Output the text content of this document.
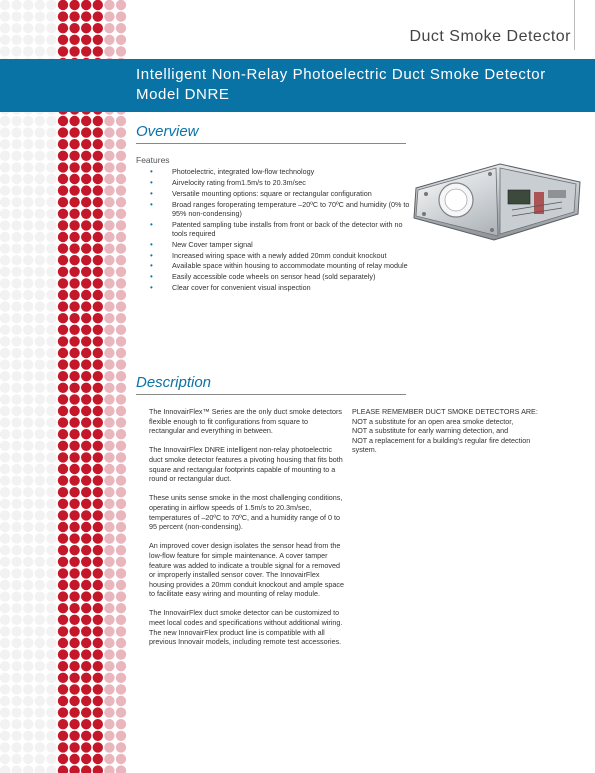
Duct Smoke Detector
Intelligent Non-Relay Photoelectric Duct Smoke Detector
Model DNRE
Overview
Features
• Photoelectric, integrated low-flow technology
• Airvelocity rating from1.5m/s to 20.3m/sec
• Versatile mounting options: square or rectangular configuration
• Broad ranges foroperating temperature –20ºC to 70ºC and humidity (0% to 95% non-condensing)
• Patented sampling tube installs from front or back of the detector with no tools required
• New Cover tamper signal
• Increased wiring space with a newly added 20mm conduit knockout
• Available space within housing to accommodate mounting of relay module
• Easily accessible code wheels on sensor head (sold separately)
• Clear cover for convenient visual inspection
Description

The InnovairFlex™ Series are the only duct smoke detectors flexible enough to fit configurations from square to rectangular and everything in between.

The InnovairFlex DNRE intelligent non-relay photoelectric duct smoke detector features a pivoting housing that fits both square and rectangular footprints capable of mounting to a round or rectangular duct.

These units sense smoke in the most challenging conditions, operating in airflow speeds of 1.5m/s to 20.3m/sec, temperatures of –20ºC to 70ºC, and a humidity range of 0 to 95 percent (non-condensing).

An improved cover design isolates the sensor head from the low-flow feature for simple maintenance. A cover tamper feature was added to indicate a trouble signal for a removed or improperly installed sensor cover. The InnovairFlex housing provides a 20mm conduit knockout and ample space to facilitate easy wiring and mounting of relay module.

The InnovairFlex duct smoke detector can be customized to meet local codes and specifications without additional wiring. The new InnovairFlex product line is compatible with all previous Innovair models, including remote test accessories.

PLEASE REMEMBER DUCT SMOKE DETECTORS ARE:
NOT a substitute for an open area smoke detector,
NOT a substitute for early warning detection, and
NOT a replacement for a building's regular fire detection system.
